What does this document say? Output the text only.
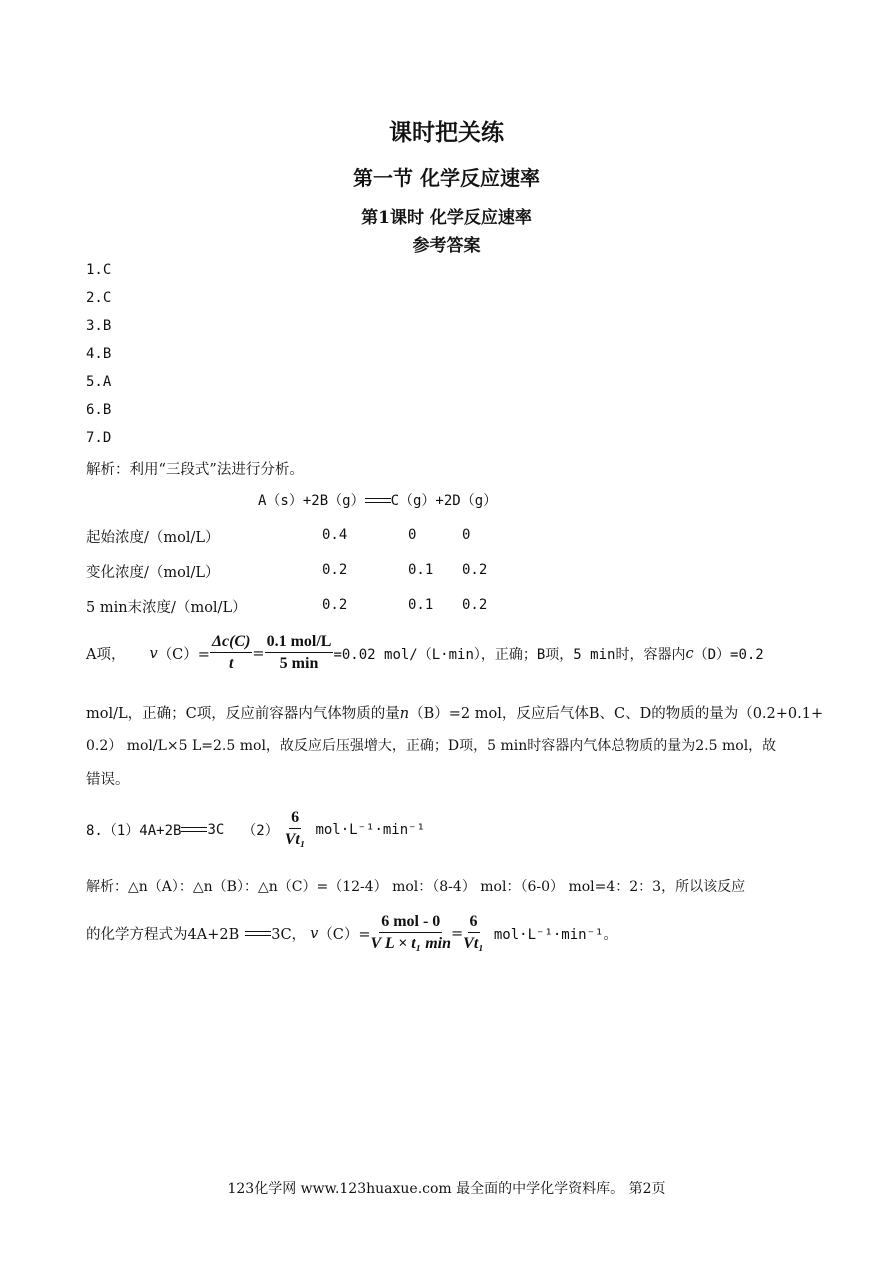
课时把关练
第一节 化学反应速率
第1课时 化学反应速率
参考答案
1.C
2.C
3.B
4.B
5.A
6.B
7.D
解析：利用“三段式”法进行分析。
A（s）+2B（g） C（g）+2D（g）
起始浓度/（mol/L）	0.4	0	0
变化浓度/（mol/L）	0.2	0.1 0.2
5 min末浓度/（mol/L）	0.2	0.1 0.2
A项， v $(C)= \frac{\Delta c(C)}{t} = \frac{\text{0.1 mol/L}}{5 \min} =0.02$ mol/（L·min），正确；B项，5 min时，容器内 c （D）=0.2
mol/L，正确；C项，反应前容器内气体物质的量n（B）=2 mol，反应后气体B、C、D的物质的量为（0.2+0.1+
0.2） mol/L×5 L=2.5 mol，故反应后压强增大，正确；D项，5 min时容器内气体总物质的量为2.5 mol，故
错误。
8.（1）4A+2B 3C $(2) \frac{6}{\text{Vt₁}} mol\cdot L^{-1}\cdot\min^{-1}$
解析：△n（A）：△n（B）：△n（C）=（12-4） mol：（8-4） mol：（6-0） mol=4：2：3，所以该反应
的化学方程式为4A+2B 3C， v $(C)= \frac{\text{6 mol - 0}}{\text{V L × t₁ min}} = \frac{6}{\text{Vt₁}} mol\cdot L^{-1}\cdot\min^{-1}$。
123化学网 www.123huaxue.com 最全面的中学化学资料库。 第2页
